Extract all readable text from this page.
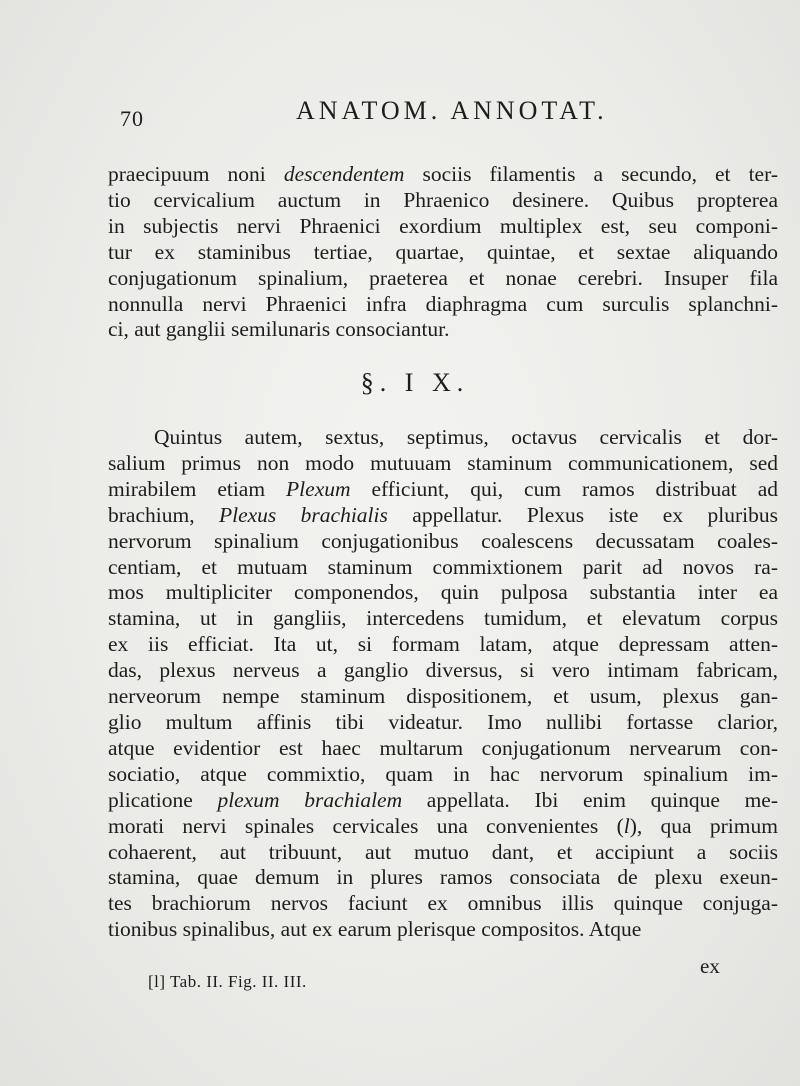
70	ANATOM. ANNOTAT.
praecipuum noni descendentem sociis filamentis a secundo, et ter-
tio cervicalium auctum in Phraenico desinere. Quibus propterea
in subjectis nervi Phraenici exordium multiplex est, seu componi-
tur ex staminibus tertiae, quartae, quintae, et sextae aliquando
conjugationum spinalium, praeterea et nonae cerebri. Insuper fila
nonnulla nervi Phraenici infra diaphragma cum surculis splanchni-
ci, aut ganglii semilunaris consociantur.
§. I X.
Quintus autem, sextus, septimus, octavus cervicalis et dor-
salium primus non modo mutuuam staminum communicationem, sed
mirabilem etiam Plexum efficiunt, qui, cum ramos distribuat ad
brachium, Plexus brachialis appellatur. Plexus iste ex pluribus
nervorum spinalium conjugationibus coalescens decussatam coales-
centiam, et mutuam staminum commixtionem parit ad novos ra-
mos multipliciter componendos, quin pulposa substantia inter ea
stamina, ut in gangliis, intercedens tumidum, et elevatum corpus
ex iis efficiat. Ita ut, si formam latam, atque depressam atten-
das, plexus nerveus a ganglio diversus, si vero intimam fabricam,
nerveorum nempe staminum dispositionem, et usum, plexus gan-
glio multum affinis tibi videatur. Imo nullibi fortasse clarior,
atque evidentior est haec multarum conjugationum nervearum con-
sociatio, atque commixtio, quam in hac nervorum spinalium im-
plicatione plexum brachialem appellata. Ibi enim quinque me-
morati nervi spinales cervicales una convenientes (l), qua primum
cohaerent, aut tribuunt, aut mutuo dant, et accipiunt a sociis
stamina, quae demum in plures ramos consociata de plexu exeun-
tes brachiorum nervos faciunt ex omnibus illis quinque conjuga-
tionibus spinalibus, aut ex earum plerisque compositos. Atque
ex
[l] Tab. II. Fig. II. III.
